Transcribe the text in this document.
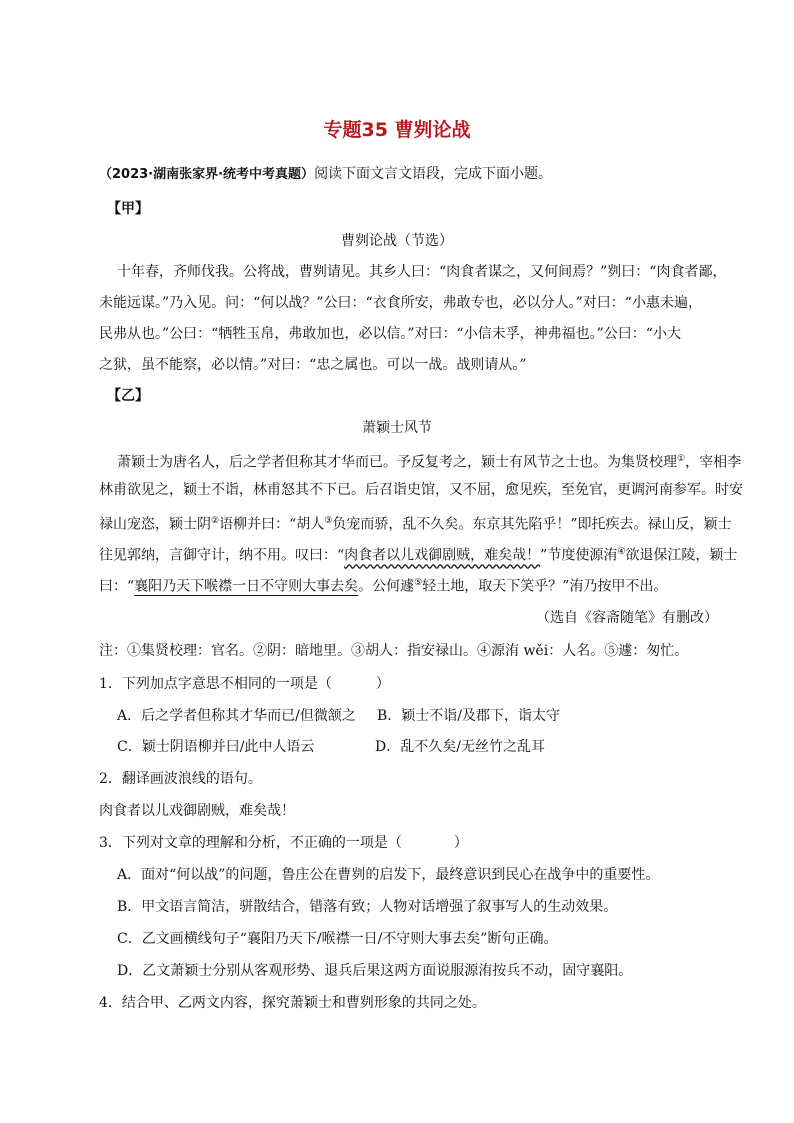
专题35 曹刿论战
（2023·湖南张家界·统考中考真题）阅读下面文言文语段，完成下面小题。
【甲】
曹刿论战（节选）
十年春，齐师伐我。公将战，曹刿请见。其乡人曰：“肉食者谋之，又何间焉？”刿曰：“肉食者鄙，
未能远谋。”乃入见。问：“何以战？”公曰：“衣食所安，弗敢专也，必以分人。”对曰：“小惠未遍，
民弗从也。”公曰：“牺牲玉帛，弗敢加也，必以信。”对曰：“小信未孚，神弗福也。”公曰：“小大
之狱，虽不能察，必以情。”对曰：“忠之属也。可以一战。战则请从。”
【乙】
萧颖士风节
萧颖士为唐名人，后之学者但称其才华而已。予反复考之，颖士有风节之士也。为集贤校理①，宰相李
林甫欲见之，颖士不诣，林甫怒其不下已。后召诣史馆，又不屈，愈见疾，至免官，更调河南参军。时安
禄山宠恣，颖士阴②语柳并曰：“胡人③负宠而骄，乱不久矣。东京其先陷乎！”即托疾去。禄山反，颖士
往见郭纳，言御守计，纳不用。叹曰：“肉食者以儿戏御剧贼，难矣哉！”节度使源洧④欲退保江陵，颖士
曰：“襄阳乃天下喉襟一日不守则大事去矣。公何遽⑤轻土地，取天下笑乎？”洧乃按甲不出。
（选自《容斋随笔》有删改）
注：①集贤校理：官名。②阴：暗地里。③胡人：指安禄山。④源洧 wěi：人名。⑤遽：匆忙。
1．下列加点字意思不相同的一项是（	）
A．后之学者但称其才华而已/但微颔之 B．颖士不诣/及郡下，诣太守
C．颖士阴语柳并曰/此中人语云	D．乱不久矣/无丝竹之乱耳
2．翻译画波浪线的语句。
肉食者以儿戏御剧贼，难矣哉！
3．下列对文章的理解和分析，不正确的一项是（	）
A．面对“何以战”的问题，鲁庄公在曹刿的启发下，最终意识到民心在战争中的重要性。
B．甲文语言简洁，骈散结合，错落有致；人物对话增强了叙事写人的生动效果。
C．乙文画横线句子“襄阳乃天下/喉襟一日/不守则大事去矣”断句正确。
D．乙文萧颖士分别从客观形势、退兵后果这两方面说服源洧按兵不动，固守襄阳。
4．结合甲、乙两文内容，探究萧颖士和曹刿形象的共同之处。
